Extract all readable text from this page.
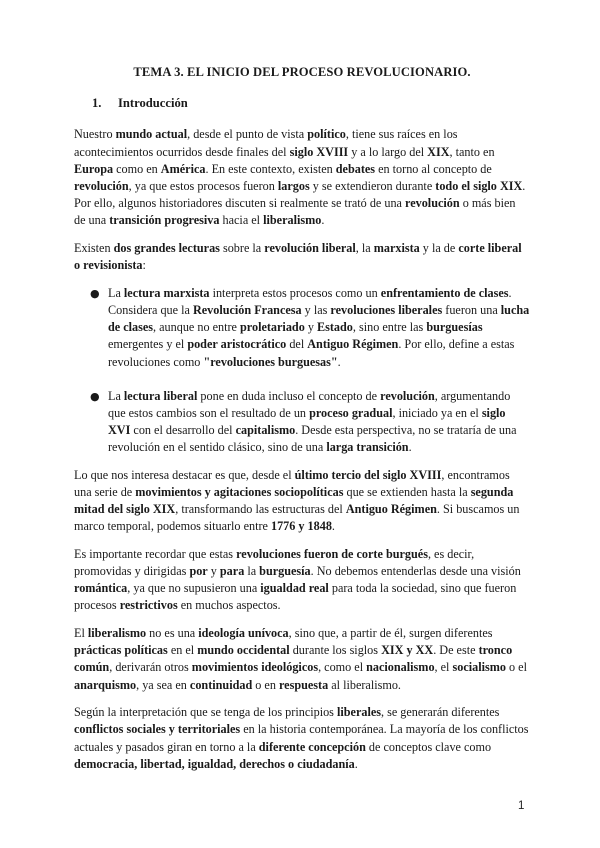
TEMA 3. EL INICIO DEL PROCESO REVOLUCIONARIO.
1. Introducción

Nuestro mundo actual, desde el punto de vista político, tiene sus raíces en los acontecimientos ocurridos desde finales del siglo XVIII y a lo largo del XIX, tanto en Europa como en América. En este contexto, existen debates en torno al concepto de revolución, ya que estos procesos fueron largos y se extendieron durante todo el siglo XIX. Por ello, algunos historiadores discuten si realmente se trató de una revolución o más bien de una transición progresiva hacia el liberalismo.

Existen dos grandes lecturas sobre la revolución liberal, la marxista y la de corte liberal o revisionista:

● La lectura marxista interpreta estos procesos como un enfrentamiento de clases. Considera que la Revolución Francesa y las revoluciones liberales fueron una lucha de clases, aunque no entre proletariado y Estado, sino entre las burguesías emergentes y el poder aristocrático del Antiguo Régimen. Por ello, define a estas revoluciones como "revoluciones burguesas".
● La lectura liberal pone en duda incluso el concepto de revolución, argumentando que estos cambios son el resultado de un proceso gradual, iniciado ya en el siglo XVI con el desarrollo del capitalismo. Desde esta perspectiva, no se trataría de una revolución en el sentido clásico, sino de una larga transición.

Lo que nos interesa destacar es que, desde el último tercio del siglo XVIII, encontramos una serie de movimientos y agitaciones sociopolíticas que se extienden hasta la segunda mitad del siglo XIX, transformando las estructuras del Antiguo Régimen. Si buscamos un marco temporal, podemos situarlo entre 1776 y 1848.

Es importante recordar que estas revoluciones fueron de corte burgués, es decir, promovidas y dirigidas por y para la burguesía. No debemos entenderlas desde una visión romántica, ya que no supusieron una igualdad real para toda la sociedad, sino que fueron procesos restrictivos en muchos aspectos.

El liberalismo no es una ideología unívoca, sino que, a partir de él, surgen diferentes prácticas políticas en el mundo occidental durante los siglos XIX y XX. De este tronco común, derivarán otros movimientos ideológicos, como el nacionalismo, el socialismo o el anarquismo, ya sea en continuidad o en respuesta al liberalismo.

Según la interpretación que se tenga de los principios liberales, se generarán diferentes conflictos sociales y territoriales en la historia contemporánea. La mayoría de los conflictos actuales y pasados giran en torno a la diferente concepción de conceptos clave como democracia, libertad, igualdad, derechos o ciudadanía.

1
